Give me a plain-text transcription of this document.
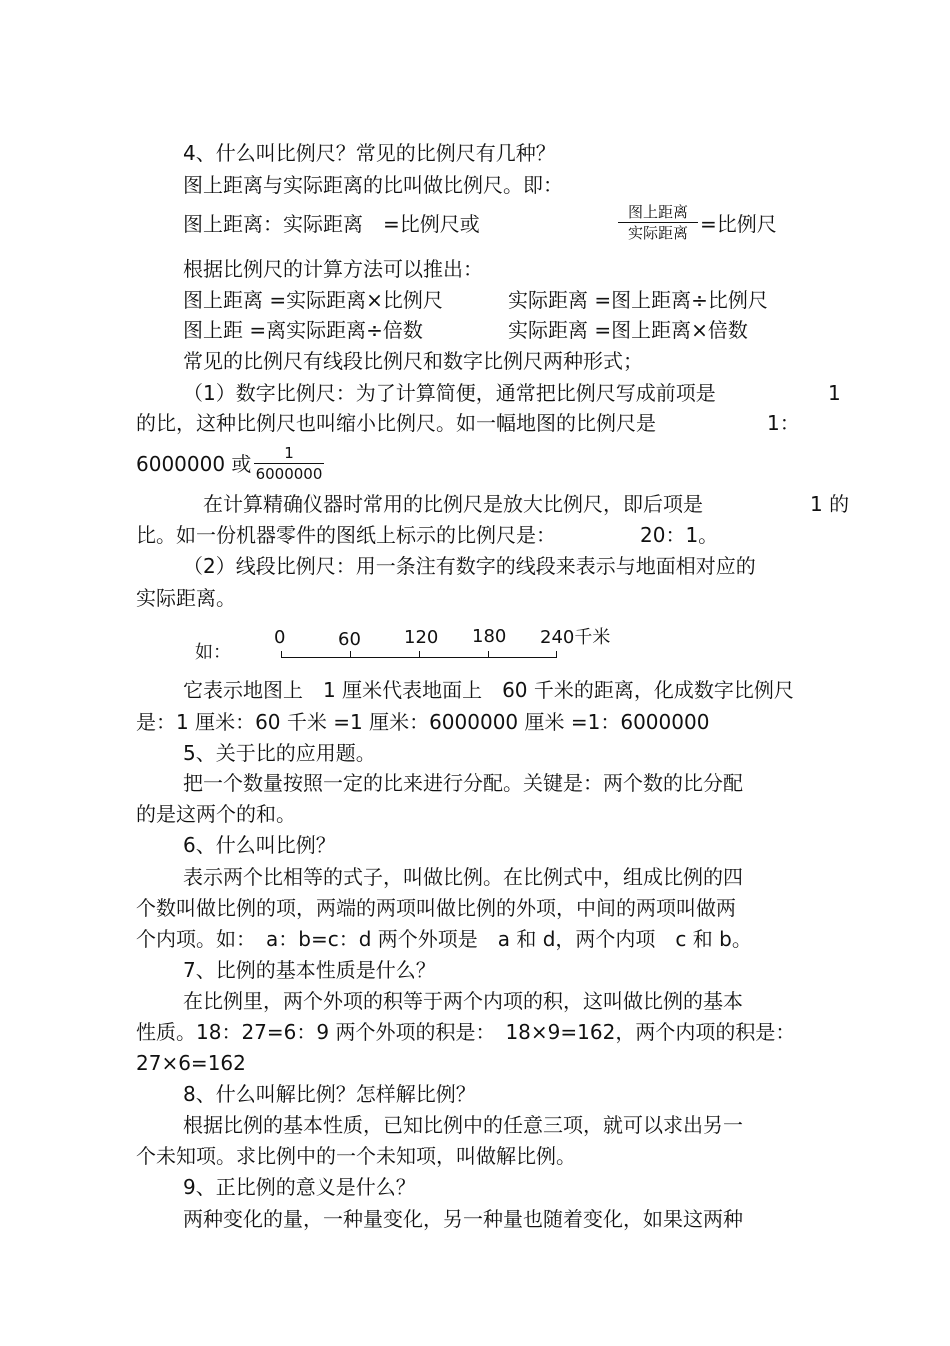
4、什么叫比例尺？常见的比例尺有几种？
图上距离与实际距离的比叫做比例尺。即：
图上距离：实际距离　=比例尺或	图上距离
实际距离 =比例尺
根据比例尺的计算方法可以推出：
图上距离 =实际距离×比例尺	实际距离 =图上距离÷比例尺
图上距 =离实际距离÷倍数	实际距离 =图上距离×倍数
常见的比例尺有线段比例尺和数字比例尺两种形式；
（1）数字比例尺：为了计算简便，通常把比例尺写成前项是	1
的比，这种比例尺也叫缩小比例尺。如一幅地图的比例尺是	1：
6000000 或 $\frac{1}{6000000}$
在计算精确仪器时常用的比例尺是放大比例尺，即后项是	1 的
比。如一份机器零件的图纸上标示的比例尺是：	20：1。
（2）线段比例尺：用一条注有数字的线段来表示与地面相对应的
实际距离。
如：
0	60 120 180 240千米
它表示地图上　1 厘米代表地面上　60 千米的距离，化成数字比例尺
是：1 厘米：60 千米 =1 厘米：6000000 厘米 =1：6000000
5、关于比的应用题。
把一个数量按照一定的比来进行分配。关键是：两个数的比分配
的是这两个的和。
6、什么叫比例？
表示两个比相等的式子，叫做比例。在比例式中，组成比例的四
个数叫做比例的项，两端的两项叫做比例的外项，中间的两项叫做两
个内项。如：　a：b=c：d 两个外项是　a 和 d，两个内项　c 和 b。
7、比例的基本性质是什么？
在比例里，两个外项的积等于两个内项的积，这叫做比例的基本
性质。18：27=6：9 两个外项的积是：　18×9=162，两个内项的积是：
27×6=162
8、什么叫解比例？怎样解比例？
根据比例的基本性质，已知比例中的任意三项，就可以求出另一
个未知项。求比例中的一个未知项，叫做解比例。
9、正比例的意义是什么？
两种变化的量，一种量变化，另一种量也随着变化，如果这两种
